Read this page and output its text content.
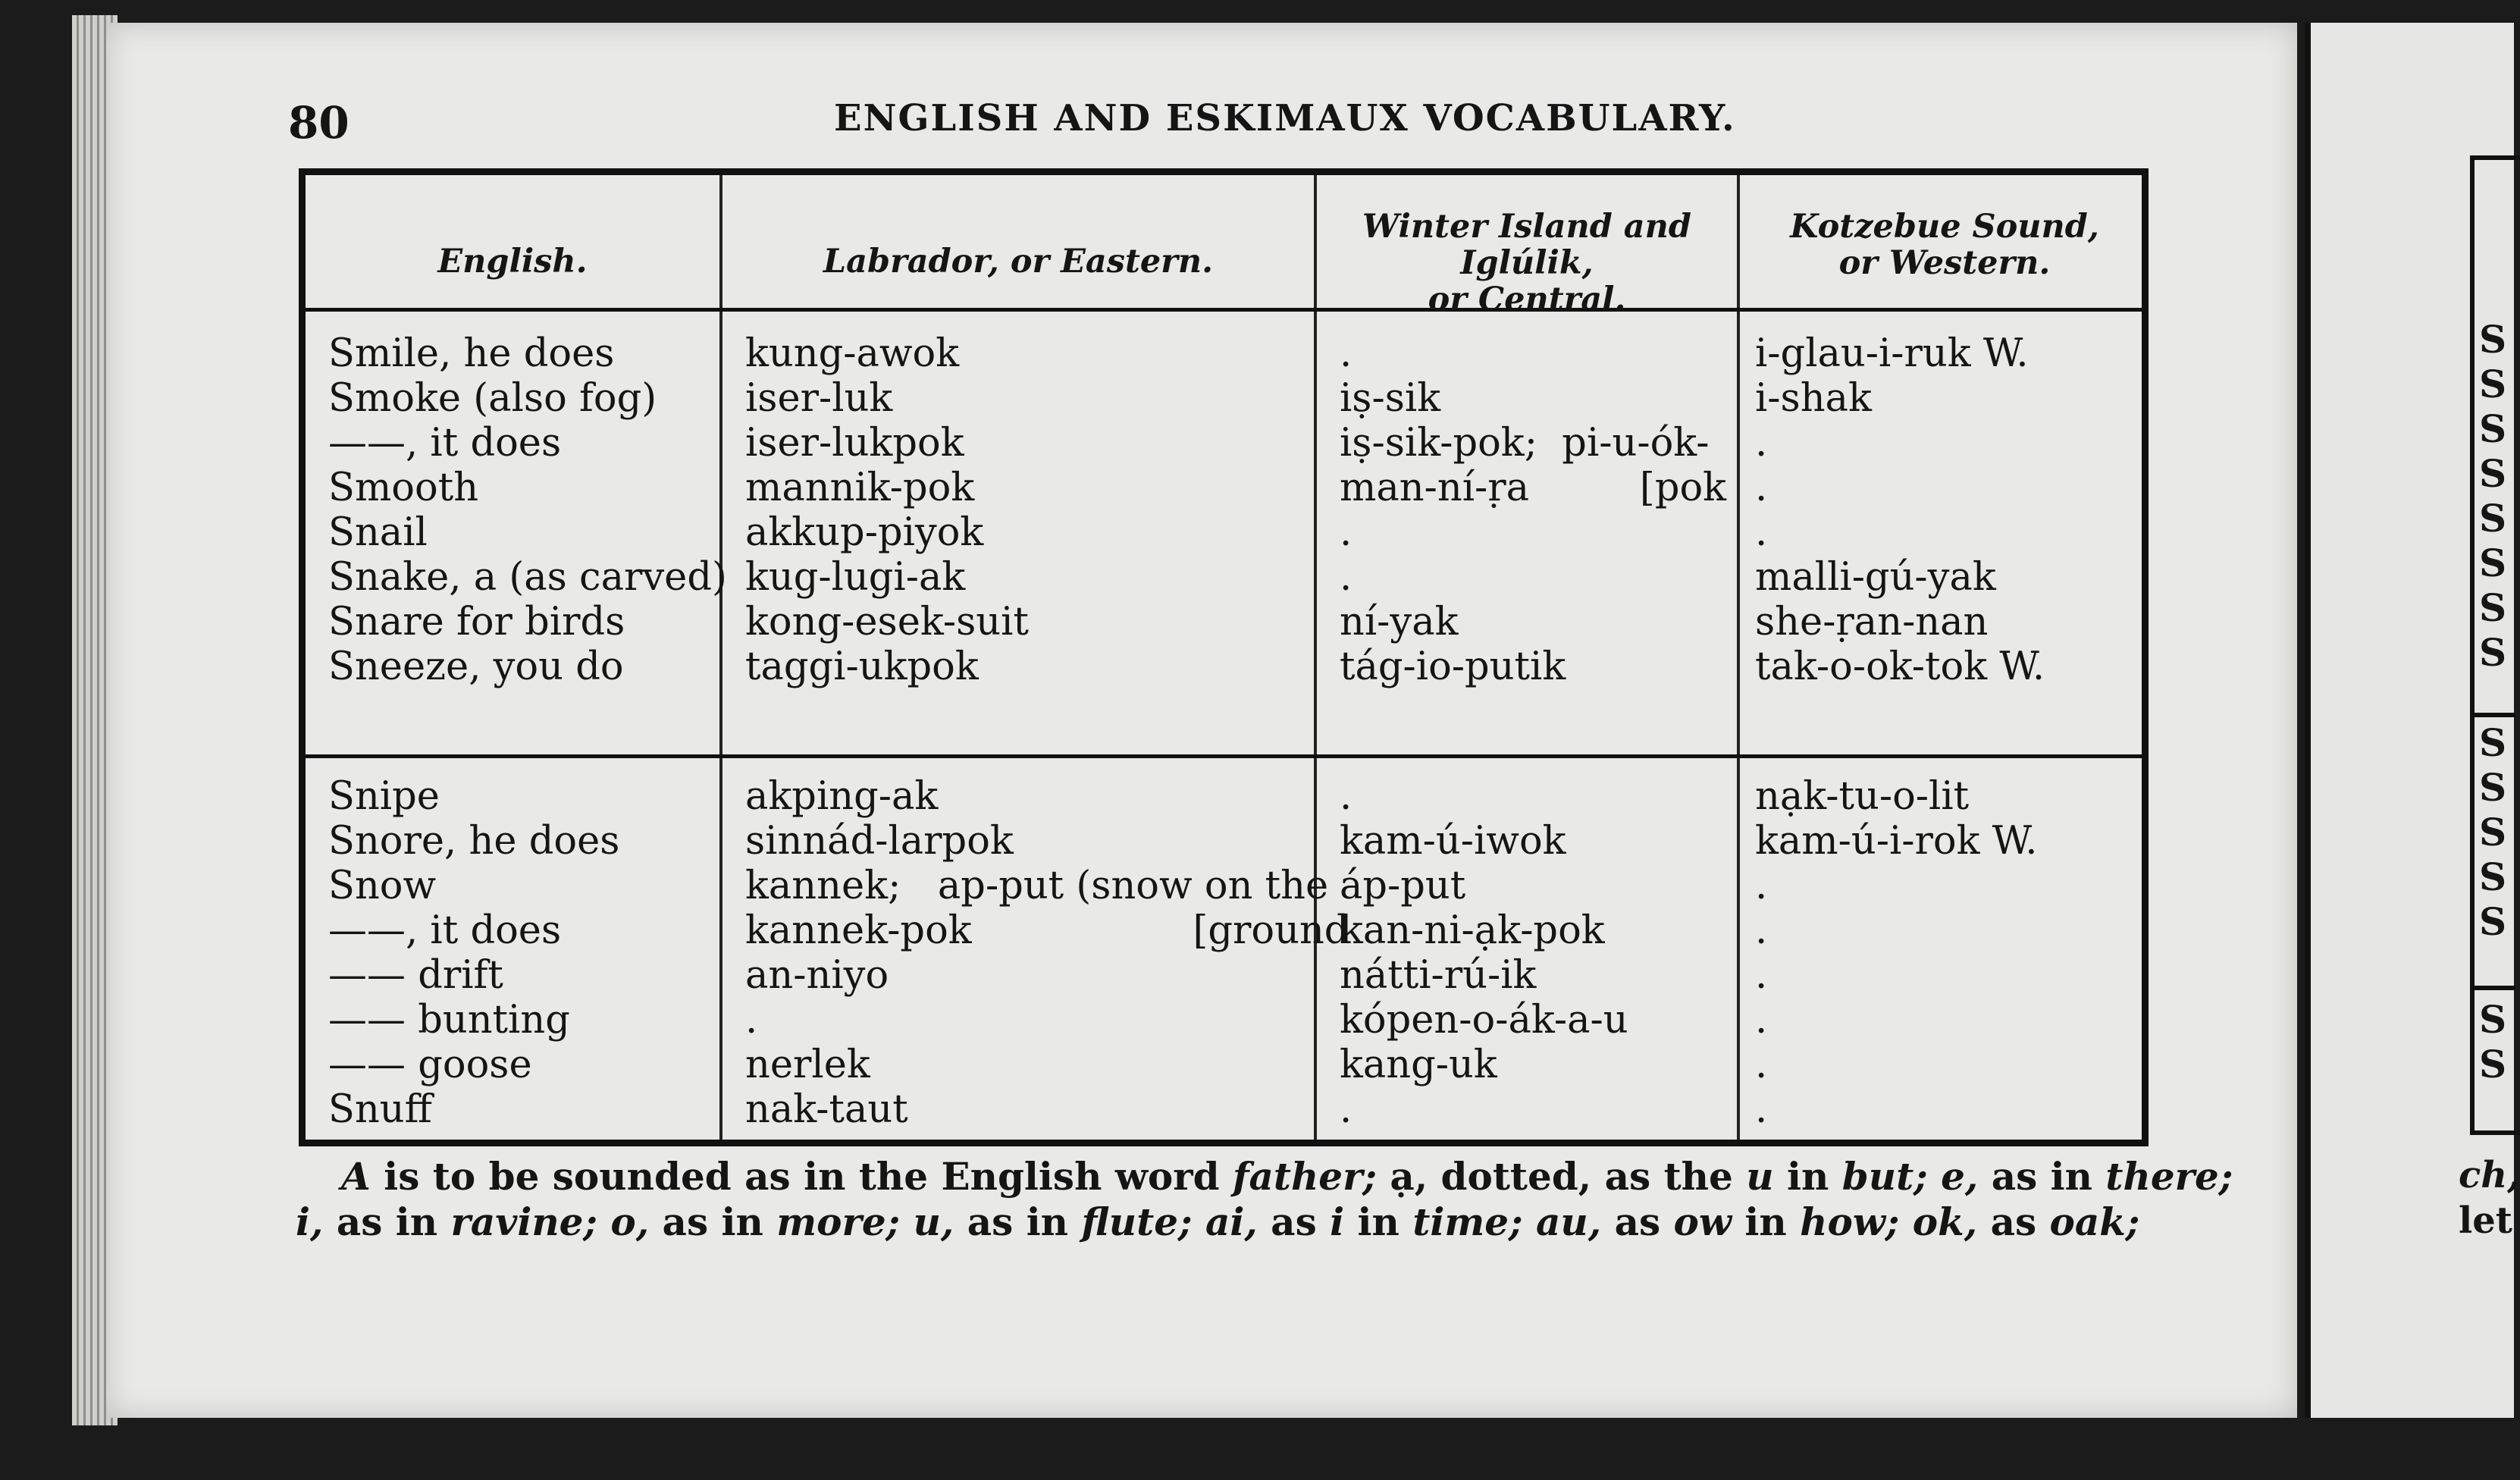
S
S
S
S
S
S
S
S
S
S
S
S
S
S
S
ch,
let
80	ENGLISH AND ESKIMAUX VOCABULARY.
English.	Labrador, or Eastern.
Winter Island and Iglúlik,
or Central.
Kotzebue Sound,
or Western.
Smile, he does
Smoke (also fog)
——, it does
Smooth
Snail
Snake, a (as carved)
Snare for birds
Sneeze, you do
kung-awok
iser-luk
iser-lukpok
mannik-pok
akkup-piyok
kug-lugi-ak
kong-esek-suit
taggi-ukpok
.
iṣ-sik
iṣ-sik-pok;  pi-u-ók-
man-ní-ṛa         [pok
.
.
ní-yak
tág-io-putik
i-glau-i-ruk W.
i-shak
.
.
.
malli-gú-yak
she-ṛan-nan
tak-o-ok-tok W.
Snipe
Snore, he does
Snow
——, it does
—— drift
—— bunting
—— goose
Snuff
akping-ak
sinnád-larpok
kannek;   ap-put (snow on the
kannek-pok                  [ground
an-niyo
.
nerlek
nak-taut
.
kam-ú-iwok
áp-put
kan-ni-ạk-pok
nátti-rú-ik
kópen-o-ák-a-u
kang-uk
.
nạk-tu-o-lit
kam-ú-i-rok W.
.
.
.
.
.
.
A is to be sounded as in the English word father; ạ, dotted, as the u in but; e, as in there;
i, as in ravine; o, as in more; u, as in flute; ai, as i in time; au, as ow in how; ok, as oak;
